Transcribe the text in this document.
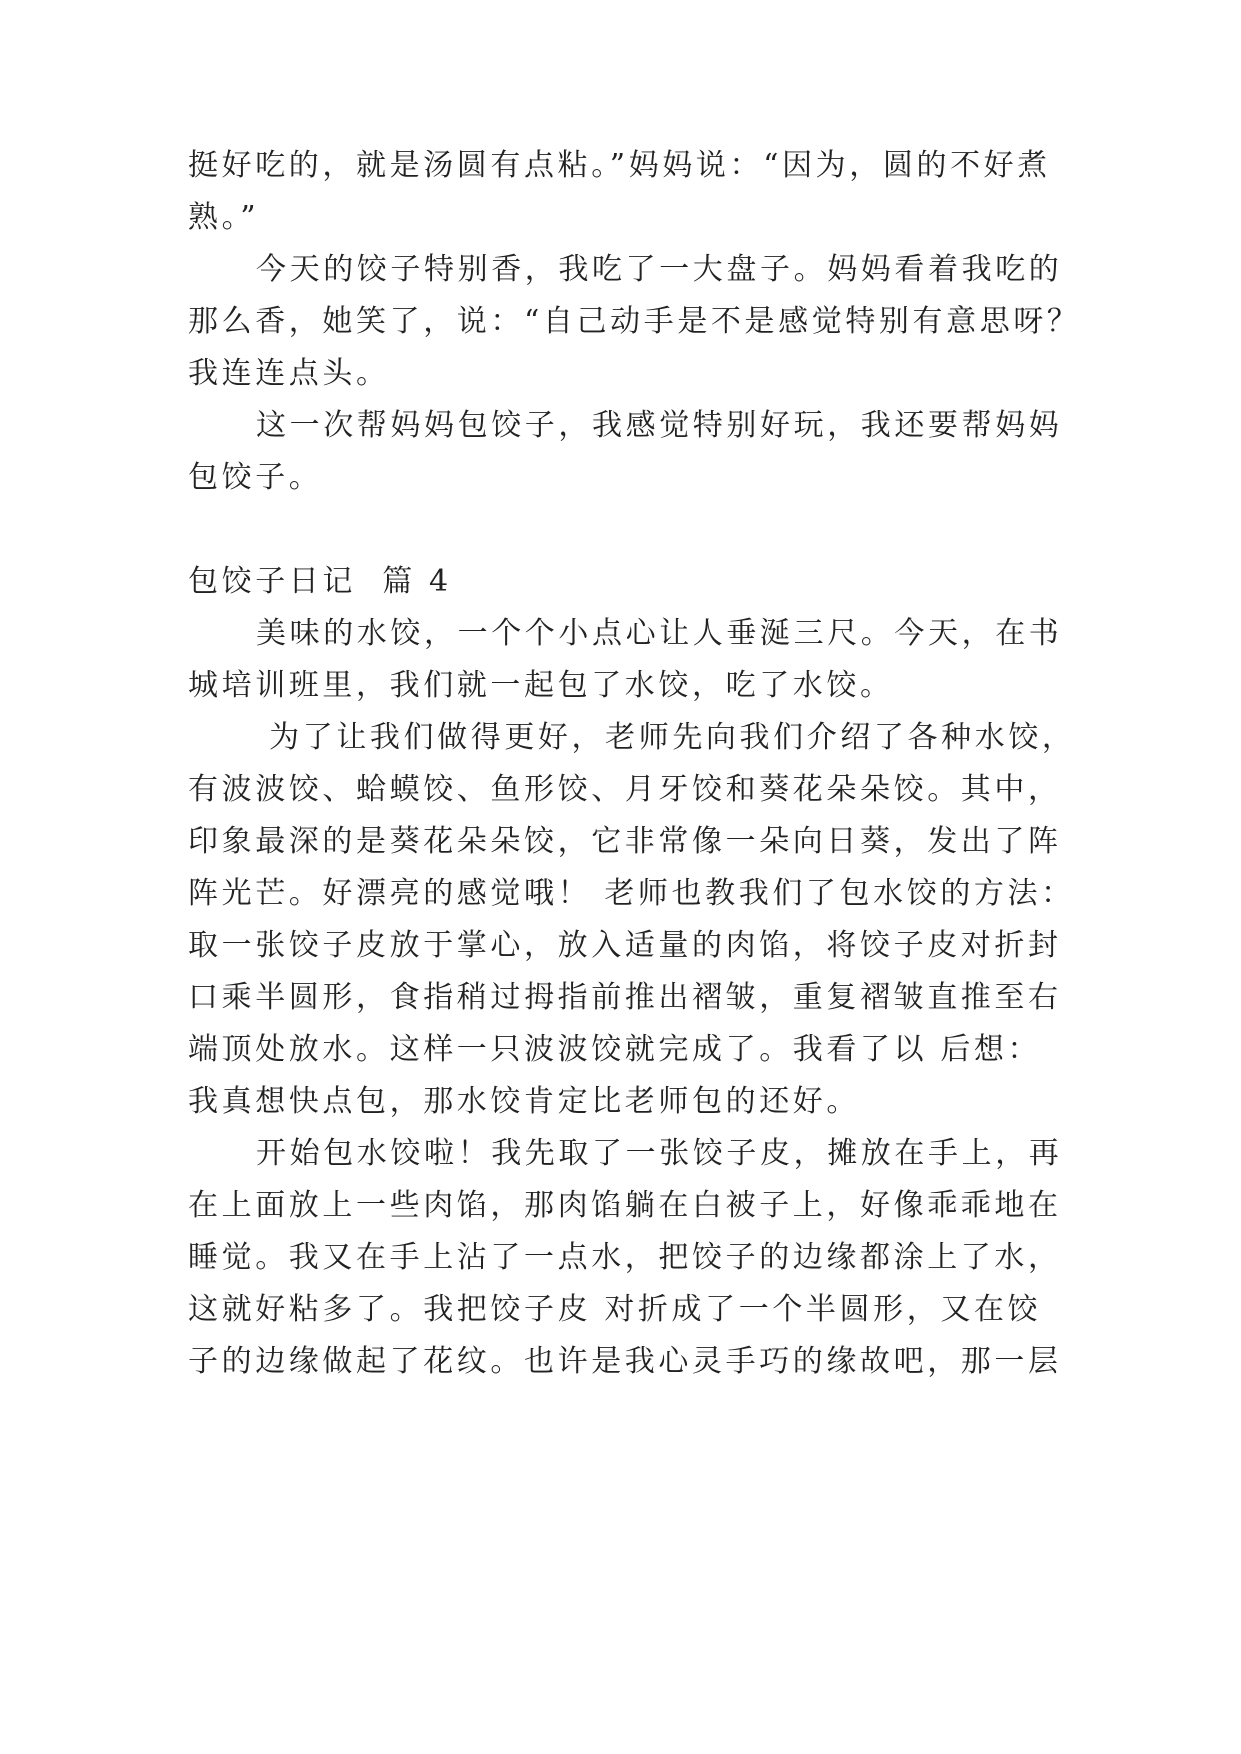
挺好吃的，就是汤圆有点粘。”妈妈说：“因为，圆的不好煮
熟。”
今天的饺子特别香，我吃了一大盘子。妈妈看着我吃的
那么香，她笑了，说：“自己动手是不是感觉特别有意思呀？
我连连点头。
这一次帮妈妈包饺子，我感觉特别好玩，我还要帮妈妈
包饺子。
包饺子日记  篇 4
美味的水饺，一个个小点心让人垂涎三尺。今天，在书
城培训班里，我们就一起包了水饺，吃了水饺。
为了让我们做得更好，老师先向我们介绍了各种水饺，
有波波饺、蛤蟆饺、鱼形饺、月牙饺和葵花朵朵饺。其中，
印象最深的是葵花朵朵饺，它非常像一朵向日葵，发出了阵
阵光芒。好漂亮的感觉哦！ 老师也教我们了包水饺的方法：
取一张饺子皮放于掌心，放入适量的肉馅，将饺子皮对折封
口乘半圆形，食指稍过拇指前推出褶皱，重复褶皱直推至右
端顶处放水。这样一只波波饺就完成了。我看了以 后想：
我真想快点包，那水饺肯定比老师包的还好。
开始包水饺啦！我先取了一张饺子皮，摊放在手上，再
在上面放上一些肉馅，那肉馅躺在白被子上，好像乖乖地在
睡觉。我又在手上沾了一点水，把饺子的边缘都涂上了水，
这就好粘多了。我把饺子皮 对折成了一个半圆形，又在饺
子的边缘做起了花纹。也许是我心灵手巧的缘故吧，那一层
